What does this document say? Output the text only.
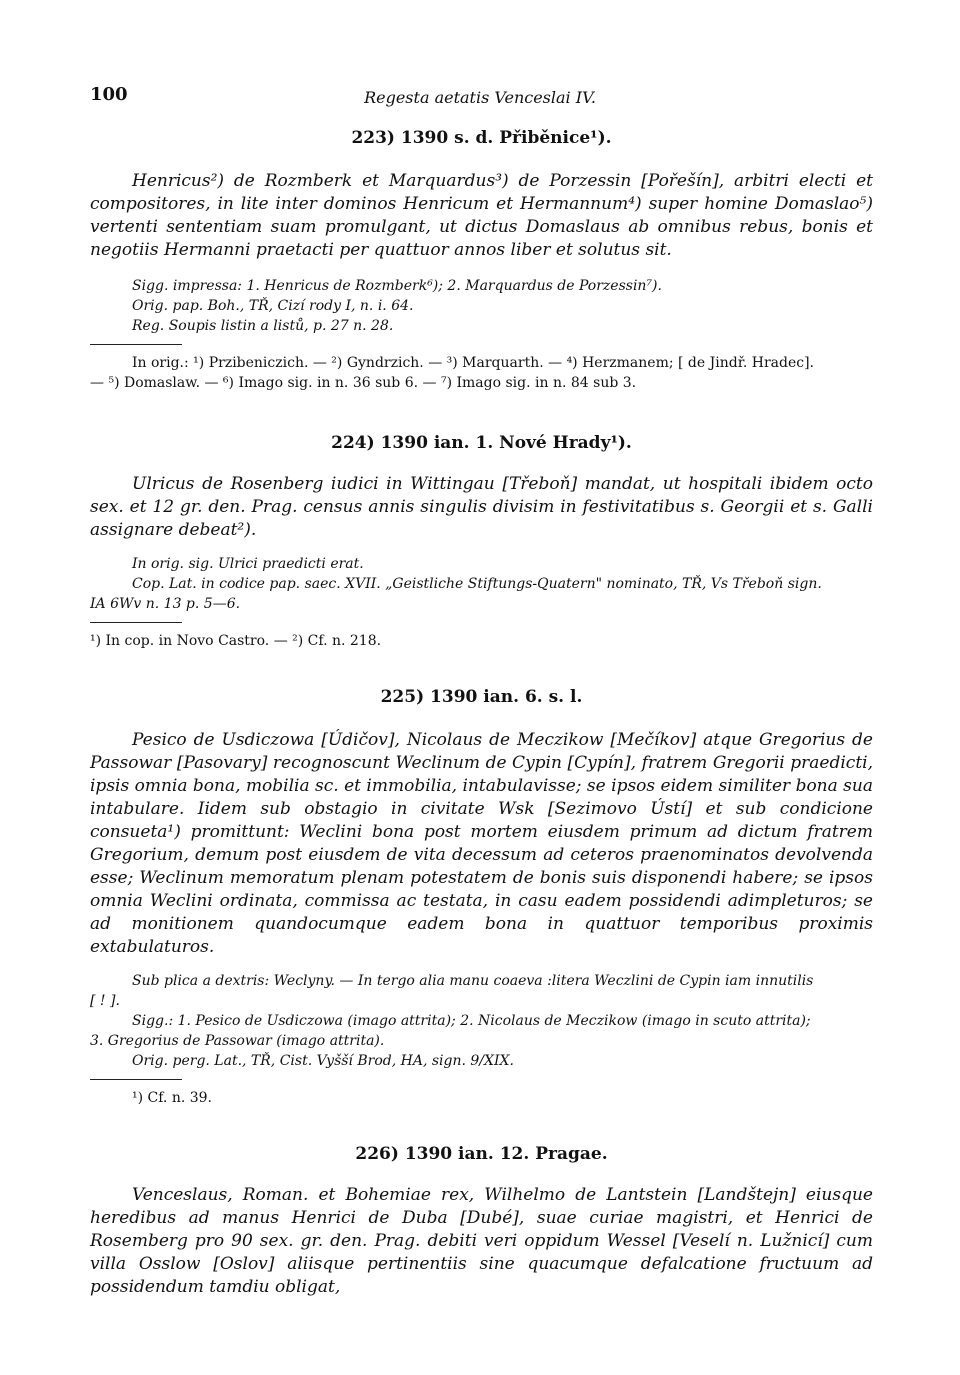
100	Regesta aetatis Venceslai IV.

223) 1390 s. d. Přiběnice¹).

Henricus²) de Rozmberk et Marquardus³) de Porzessin [Pořešín], arbitri electi et compositores, in lite inter dominos Henricum et Hermannum⁴) super homine Domaslao⁵) vertenti sententiam suam promulgant, ut dictus Domaslaus ab omnibus rebus, bonis et negotiis Hermanni praetacti per quattuor annos liber et solutus sit.

Sigg. impressa: 1. Henricus de Rozmberk⁶); 2. Marquardus de Porzessin⁷).
Orig. pap. Boh., TŘ, Cizí rody I, n. i. 64.
Reg. Soupis listin a listů, p. 27 n. 28.
In orig.: ¹) Przibeniczich. — ²) Gyndrzich. — ³) Marquarth. — ⁴) Herzmanem; [ de Jindř. Hradec].
— ⁵) Domaslaw. — ⁶) Imago sig. in n. 36 sub 6. — ⁷) Imago sig. in n. 84 sub 3.

224) 1390 ian. 1. Nové Hrady¹).

Ulricus de Rosenberg iudici in Wittingau [Třeboň] mandat, ut hospitali ibidem octo sex. et 12 gr. den. Prag. census annis singulis divisim in festivitatibus s. Georgii et s. Galli assignare debeat²).

In orig. sig. Ulrici praedicti erat.
Cop. Lat. in codice pap. saec. XVII. „Geistliche Stiftungs-Quatern" nominato, TŘ, Vs Třeboň sign.
IA 6Wv n. 13 p. 5—6.
¹) In cop. in Novo Castro. — ²) Cf. n. 218.

225) 1390 ian. 6. s. l.

Pesico de Usdiczowa [Údičov], Nicolaus de Meczikow [Mečíkov] atque Gregorius de Passowar [Pasovary] recognoscunt Weclinum de Cypin [Cypín], fratrem Gregorii praedicti, ipsis omnia bona, mobilia sc. et immobilia, intabulavisse; se ipsos eidem similiter bona sua intabulare. Iidem sub obstagio in civitate Wsk [Sezimovo Ústí] et sub condicione consueta¹) promittunt: Weclini bona post mortem eiusdem primum ad dictum fratrem Gregorium, demum post eiusdem de vita decessum ad ceteros praenominatos devolvenda esse; Weclinum memoratum plenam potestatem de bonis suis disponendi habere; se ipsos omnia Weclini ordinata, commissa ac testata, in casu eadem possidendi adimpleturos; se ad monitionem quandocumque eadem bona in quattuor temporibus proximis extabulaturos.

Sub plica a dextris: Weclyny. — In tergo alia manu coaeva :litera Weczlini de Cypin iam innutilis
[ ! ].
Sigg.: 1. Pesico de Usdiczowa (imago attrita); 2. Nicolaus de Meczikow (imago in scuto attrita);
3. Gregorius de Passowar (imago attrita).
Orig. perg. Lat., TŘ, Cist. Vyšší Brod, HA, sign. 9/XIX.
¹) Cf. n. 39.

226) 1390 ian. 12. Pragae.

Venceslaus, Roman. et Bohemiae rex, Wilhelmo de Lantstein [Landštejn] eiusque heredibus ad manus Henrici de Duba [Dubé], suae curiae magistri, et Henrici de Rosemberg pro 90 sex. gr. den. Prag. debiti veri oppidum Wessel [Veselí n. Lužnicí] cum villa Osslow [Oslov] aliisque pertinentiis sine quacumque defalcatione fructuum ad possidendum tamdiu obligat,
